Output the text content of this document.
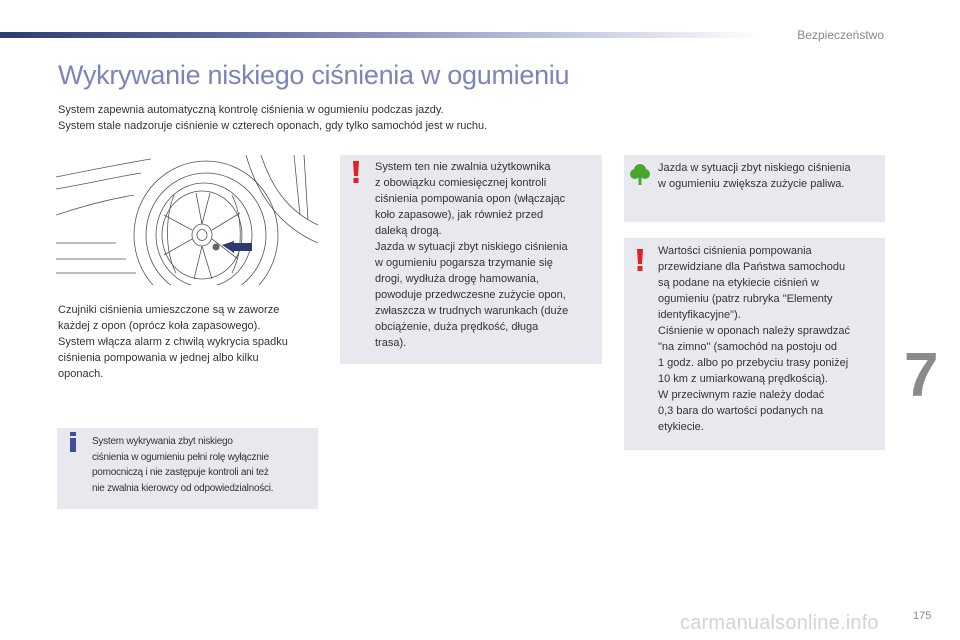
Bezpieczeństwo
Wykrywanie niskiego ciśnienia w ogumieniu
System zapewnia automatyczną kontrolę ciśnienia w ogumieniu podczas jazdy.
System stale nadzoruje ciśnienie w czterech oponach, gdy tylko samochód jest w ruchu.
Czujniki ciśnienia umieszczone są w zaworze
każdej z opon (oprócz koła zapasowego).
System włącza alarm z chwilą wykrycia spadku
ciśnienia pompowania w jednej albo kilku
oponach.
System wykrywania zbyt niskiego
ciśnienia w ogumieniu pełni rolę wyłącznie
pomocniczą i nie zastępuje kontroli ani też
nie zwalnia kierowcy od odpowiedzialności.
System ten nie zwalnia użytkownika
z obowiązku comiesięcznej kontroli
ciśnienia pompowania opon (włączając
koło zapasowe), jak również przed
daleką drogą.
Jazda w sytuacji zbyt niskiego ciśnienia
w ogumieniu pogarsza trzymanie się
drogi, wydłuża drogę hamowania,
powoduje przedwczesne zużycie opon,
zwłaszcza w trudnych warunkach (duże
obciążenie, duża prędkość, długa
trasa).
Jazda w sytuacji zbyt niskiego ciśnienia
w ogumieniu zwiększa zużycie paliwa.
Wartości ciśnienia pompowania
przewidziane dla Państwa samochodu
są podane na etykiecie ciśnień w
ogumieniu (patrz rubryka "Elementy
identyfikacyjne").
Ciśnienie w oponach należy sprawdzać
"na zimno" (samochód na postoju od
1 godz. albo po przebyciu trasy poniżej
10 km z umiarkowaną prędkością).
W przeciwnym razie należy dodać
0,3 bara do wartości podanych na
etykiecie.
7
carmanualsonline.info	175
